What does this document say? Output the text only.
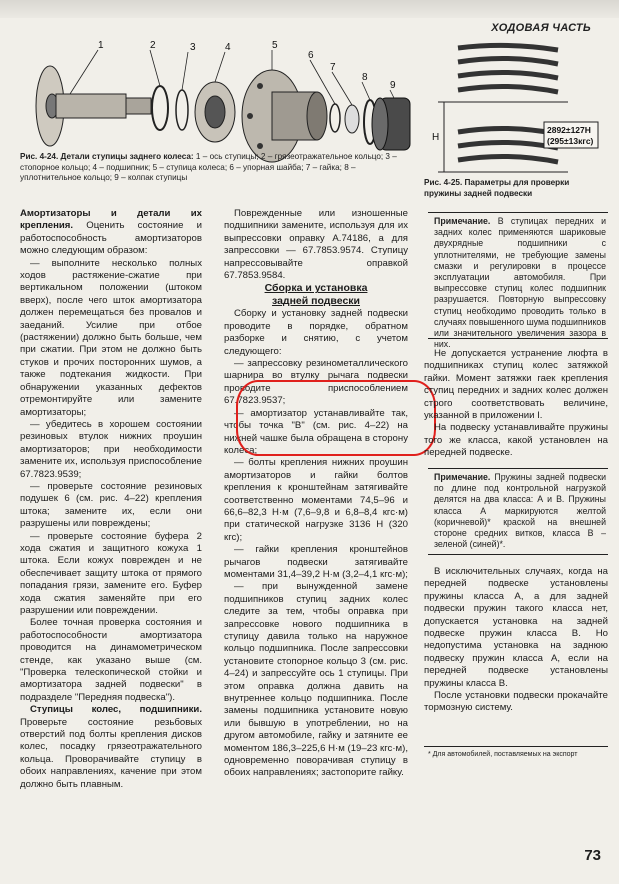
ХОДОВАЯ ЧАСТЬ
1	2	3	4	5
6
7
8
9
Рис. 4-24. Детали ступицы заднего колеса: 1 – ось ступицы; 2 – грязеотражательное кольцо; 3 – стопорное кольцо; 4 – подшипник; 5 – ступица колеса; 6 – упорная шайба; 7 – гайка; 8 – уплотнительное кольцо; 9 – колпак ступицы
H
2892±127Н
(295±13кгс)
Рис. 4-25. Параметры для проверки пружины задней подвески

Амортизаторы и детали их крепления. Оценить состояние и работоспособность амортизаторов можно следующим образом:

— выполните несколько полных ходов растяжение-сжатие при вертикальном положении (штоком вверх), после чего шток амортизатора должен перемещаться без провалов и заеданий. Усилие при отбое (растяжении) должно быть больше, чем при сжатии. При этом не должно быть стуков и прочих посторонних шумов, а также подтекания жидкости. При обнаружении указанных дефектов отремонтируйте или замените амортизаторы;

— убедитесь в хорошем состоянии резиновых втулок нижних проушин амортизаторов; при необходимости замените их, используя приспособление 67.7823.9539;

— проверьте состояние резиновых подушек 6 (см. рис. 4–22) крепления штока; замените их, если они разрушены или повреждены;

— проверьте состояние буфера 2 хода сжатия и защитного кожуха 1 штока. Если кожух поврежден и не обеспечивает защиту штока от прямого попадания грязи, замените его. Буфер хода сжатия заменяйте при его разрушении или повреждении.

Более точная проверка состояния и работоспособности амортизатора проводится на динамометрическом стенде, как указано выше (см. "Проверка телескопической стойки и амортизатора задней подвески" в подразделе "Передняя подвеска").

Ступицы колес, подшипники. Проверьте состояние резьбовых отверстий под болты крепления дисков колес, посадку грязеотражательного кольца. Проворачивайте ступицу в обоих направлениях, качение при этом должно быть плавным.

Поврежденные или изношенные подшипники замените, используя для их выпрессовки оправку А.74186, а для запрессовки — 67.7853.9574. Ступицу напрессовывайте оправкой 67.7853.9584.

Сборка и установка
задней подвески

Сборку и установку задней подвески проводите в порядке, обратном разборке и снятию, с учетом следующего:

— запрессовку резинометаллического шарнира во втулку рычага подвески проводите приспособлением 67.7823.9537;

— амортизатор устанавливайте так, чтобы точка "B" (см. рис. 4–22) на нижней чашке была обращена в сторону колеса;

— болты крепления нижних проушин амортизаторов и гайки болтов крепления к кронштейнам затягивайте соответственно моментами 74,5–96 и 66,6–82,3 Н·м (7,6–9,8 и 6,8–8,4 кгс·м) при статической нагрузке 3136 Н (320 кгс);

— гайки крепления кронштейнов рычагов подвески затягивайте моментами 31,4–39,2 Н·м (3,2–4,1 кгс·м);

— при вынужденной замене подшипников ступиц задних колес следите за тем, чтобы оправка при запрессовке нового подшипника в ступицу давила только на наружное кольцо подшипника. После запрессовки установите стопорное кольцо 3 (см. рис. 4–24) и запрессуйте ось 1 ступицы. При этом оправка должна давить на внутреннее кольцо подшипника. После замены подшипника установите новую или бывшую в употреблении, но на другом автомобиле, гайку и затяните ее моментом 186,3–225,6 Н·м (19–23 кгс·м), одновременно поворачивая ступицу в обоих направлениях; застопорите гайку.

Примечание. В ступицах передних и задних колес применяются шариковые двухрядные подшипники с уплотнителями, не требующие замены смазки и регулировки в процессе эксплуатации автомобиля. При выпрессовке ступиц колес подшипник разрушается. Повторную выпрессовку ступиц необходимо проводить только в случаях повышенного шума подшипников или значительного увеличения зазора в них.

Не допускается устранение люфта в подшипниках ступиц колес затяжкой гайки. Момент затяжки гаек крепления ступиц передних и задних колес должен строго соответствовать величине, указанной в приложении I.

На подвеску устанавливайте пружины того же класса, какой установлен на передней подвеске.

Примечание. Пружины задней подвески по длине под контрольной нагрузкой делятся на два класса: А и В. Пружины класса А маркируются желтой (коричневой)* краской на внешней стороне средних витков, класса В – зеленой (синей)*.

В исключительных случаях, когда на передней подвеске установлены пружины класса А, а для задней подвески пружин такого класса нет, допускается установка на задней подвеске пружин класса В. Но недопустима установка на заднюю подвеску пружин класса А, если на передней подвеске установлены пружины класса В.

После установки подвески прокачайте тормозную систему.

* Для автомобилей, поставляемых на экспорт
73
